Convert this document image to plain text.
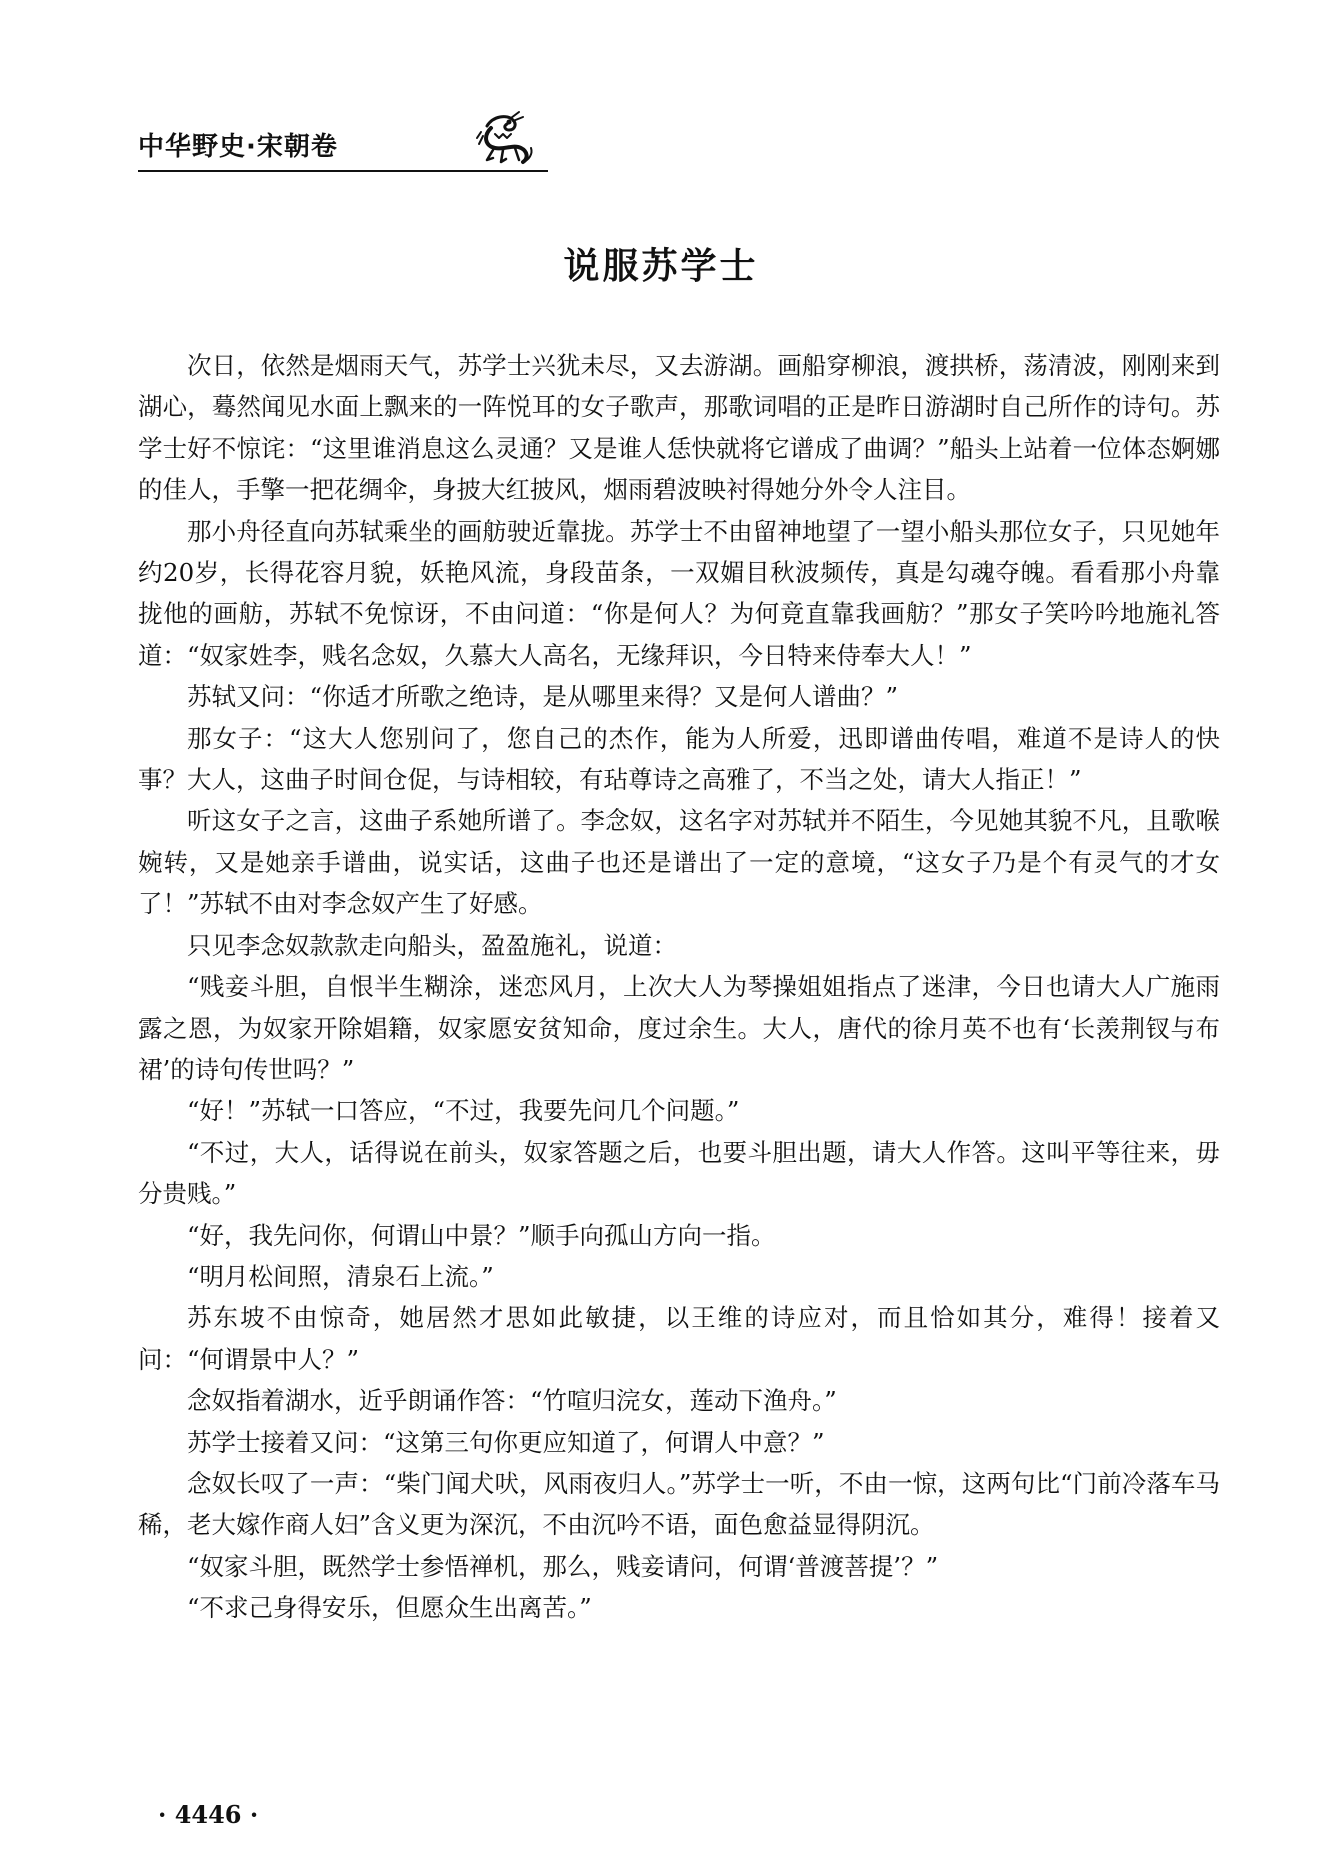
中华野史·宋朝卷
说服苏学士

次日，依然是烟雨天气，苏学士兴犹未尽，又去游湖。画船穿柳浪，渡拱桥，荡清波，刚刚来到湖心，蓦然闻见水面上飘来的一阵悦耳的女子歌声，那歌词唱的正是昨日游湖时自己所作的诗句。苏学士好不惊诧：“这里谁消息这么灵通？又是谁人恁快就将它谱成了曲调？”船头上站着一位体态婀娜的佳人，手擎一把花绸伞，身披大红披风，烟雨碧波映衬得她分外令人注目。

那小舟径直向苏轼乘坐的画舫驶近靠拢。苏学士不由留神地望了一望小船头那位女子，只见她年约20岁，长得花容月貌，妖艳风流，身段苗条，一双媚目秋波频传，真是勾魂夺魄。看看那小舟靠拢他的画舫，苏轼不免惊讶，不由问道：“你是何人？为何竟直靠我画舫？”那女子笑吟吟地施礼答道：“奴家姓李，贱名念奴，久慕大人高名，无缘拜识，今日特来侍奉大人！”

苏轼又问：“你适才所歌之绝诗，是从哪里来得？又是何人谱曲？”

那女子：“这大人您别问了，您自己的杰作，能为人所爱，迅即谱曲传唱，难道不是诗人的快事？大人，这曲子时间仓促，与诗相较，有玷尊诗之高雅了，不当之处，请大人指正！”

听这女子之言，这曲子系她所谱了。李念奴，这名字对苏轼并不陌生，今见她其貌不凡，且歌喉婉转，又是她亲手谱曲，说实话，这曲子也还是谱出了一定的意境，“这女子乃是个有灵气的才女了！”苏轼不由对李念奴产生了好感。

只见李念奴款款走向船头，盈盈施礼，说道：

“贱妾斗胆，自恨半生糊涂，迷恋风月，上次大人为琴操姐姐指点了迷津，今日也请大人广施雨露之恩，为奴家开除娼籍，奴家愿安贫知命，度过余生。大人，唐代的徐月英不也有‘长羡荆钗与布裙’的诗句传世吗？”

“好！”苏轼一口答应，“不过，我要先问几个问题。”

“不过，大人，话得说在前头，奴家答题之后，也要斗胆出题，请大人作答。这叫平等往来，毋分贵贱。”

“好，我先问你，何谓山中景？”顺手向孤山方向一指。

“明月松间照，清泉石上流。”

苏东坡不由惊奇，她居然才思如此敏捷，以王维的诗应对，而且恰如其分，难得！接着又问：“何谓景中人？”

念奴指着湖水，近乎朗诵作答：“竹喧归浣女，莲动下渔舟。”

苏学士接着又问：“这第三句你更应知道了，何谓人中意？”

念奴长叹了一声：“柴门闻犬吠，风雨夜归人。”苏学士一听，不由一惊，这两句比“门前冷落车马稀，老大嫁作商人妇”含义更为深沉，不由沉吟不语，面色愈益显得阴沉。

“奴家斗胆，既然学士参悟禅机，那么，贱妾请问，何谓‘普渡菩提’？”

“不求己身得安乐，但愿众生出离苦。”

· 4446 ·
